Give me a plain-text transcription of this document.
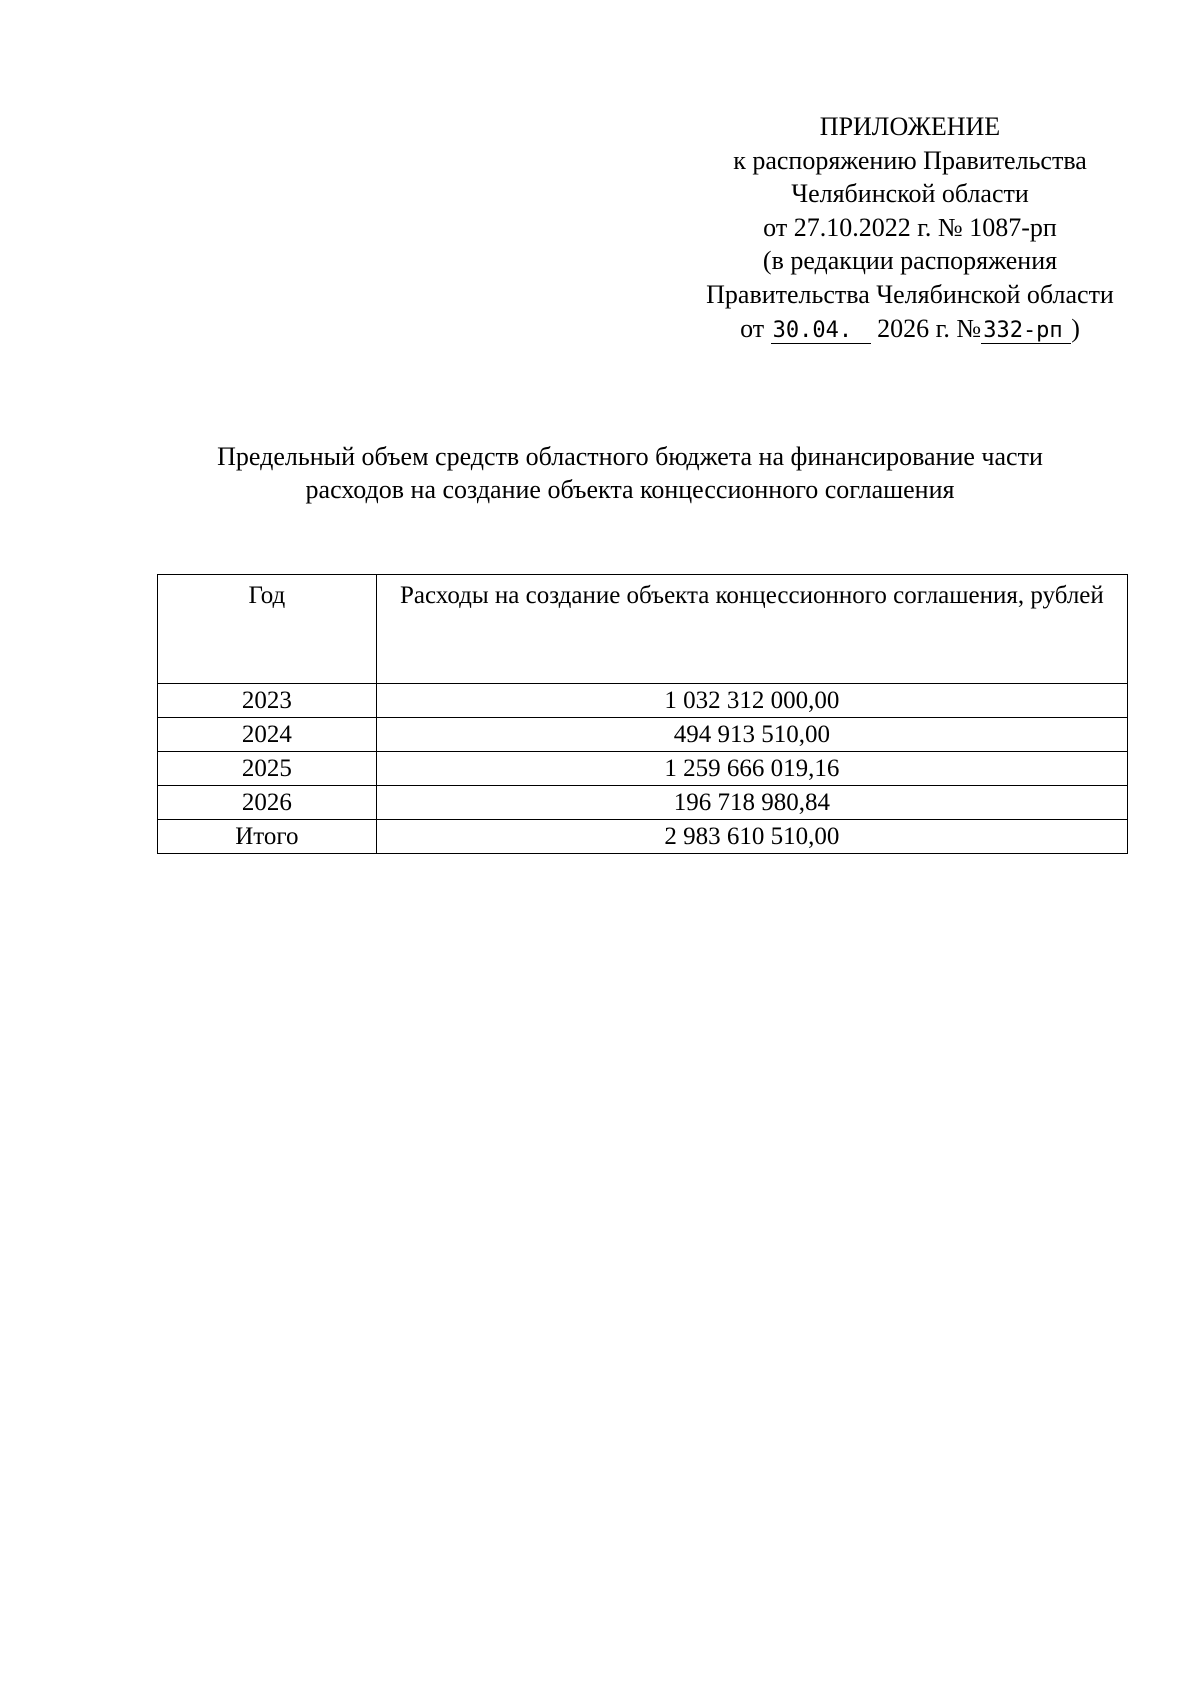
ПРИЛОЖЕНИЕ
к распоряжению Правительства
Челябинской области
от 27.10.2022 г. № 1087-рп
(в редакции распоряжения
Правительства Челябинской области
от 30.04. 2026 г. №332-рп )
Предельный объем средств областного бюджета на финансирование части
расходов на создание объекта концессионного соглашения
Год	Расходы на создание объекта концессионного соглашения, рублей
2023	1 032 312 000,00
2024	494 913 510,00
2025	1 259 666 019,16
2026	196 718 980,84
Итого	2 983 610 510,00
